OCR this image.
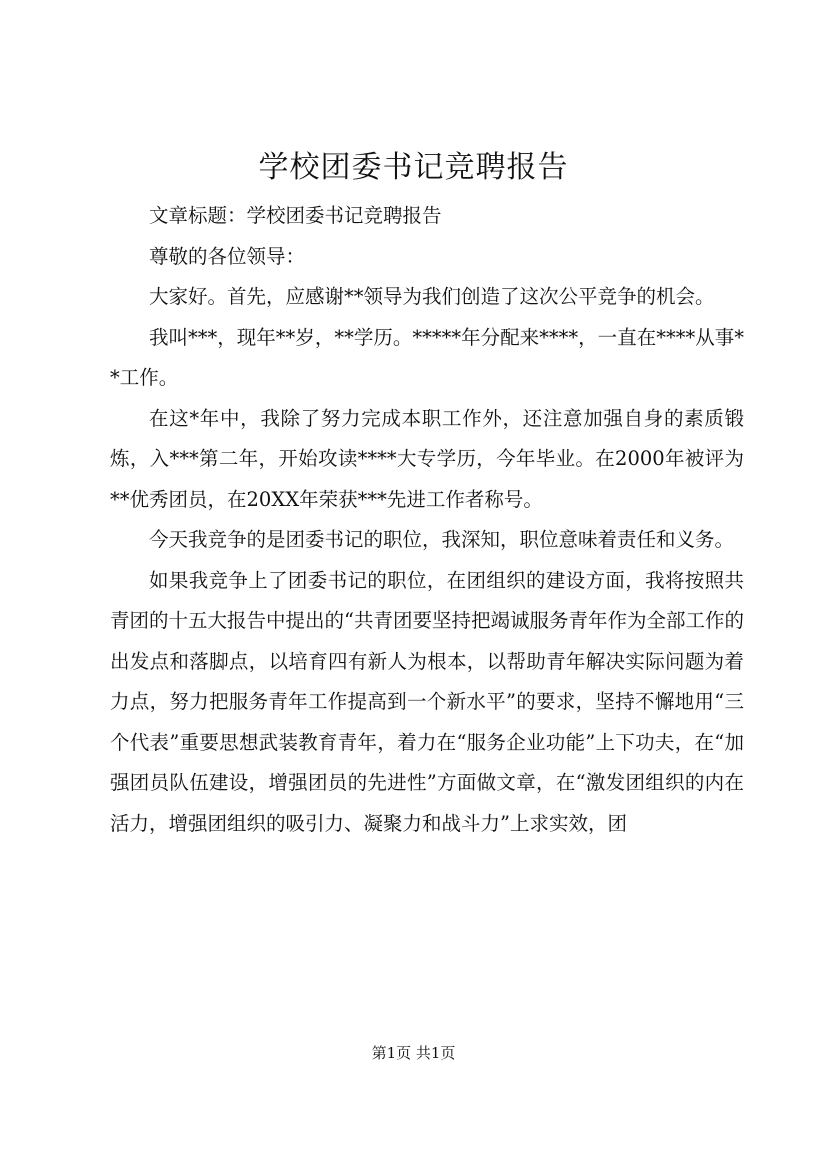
学校团委书记竞聘报告

文章标题：学校团委书记竞聘报告

尊敬的各位领导：

大家好。首先，应感谢**领导为我们创造了这次公平竞争的机会。

我叫***，现年**岁，**学历。*****年分配来****，一直在****从事**工作。

在这*年中，我除了努力完成本职工作外，还注意加强自身的素质锻炼，入***第二年，开始攻读****大专学历，今年毕业。在2000年被评为**优秀团员，在20XX年荣获***先进工作者称号。

今天我竞争的是团委书记的职位，我深知，职位意味着责任和义务。

如果我竞争上了团委书记的职位，在团组织的建设方面，我将按照共青团的十五大报告中提出的“共青团要坚持把竭诚服务青年作为全部工作的出发点和落脚点，以培育四有新人为根本，以帮助青年解决实际问题为着力点，努力把服务青年工作提高到一个新水平”的要求，坚持不懈地用“三个代表”重要思想武装教育青年，着力在“服务企业功能”上下功夫，在“加强团员队伍建设，增强团员的先进性”方面做文章，在“激发团组织的内在活力，增强团组织的吸引力、凝聚力和战斗力”上求实效，团

第1页 共1页
